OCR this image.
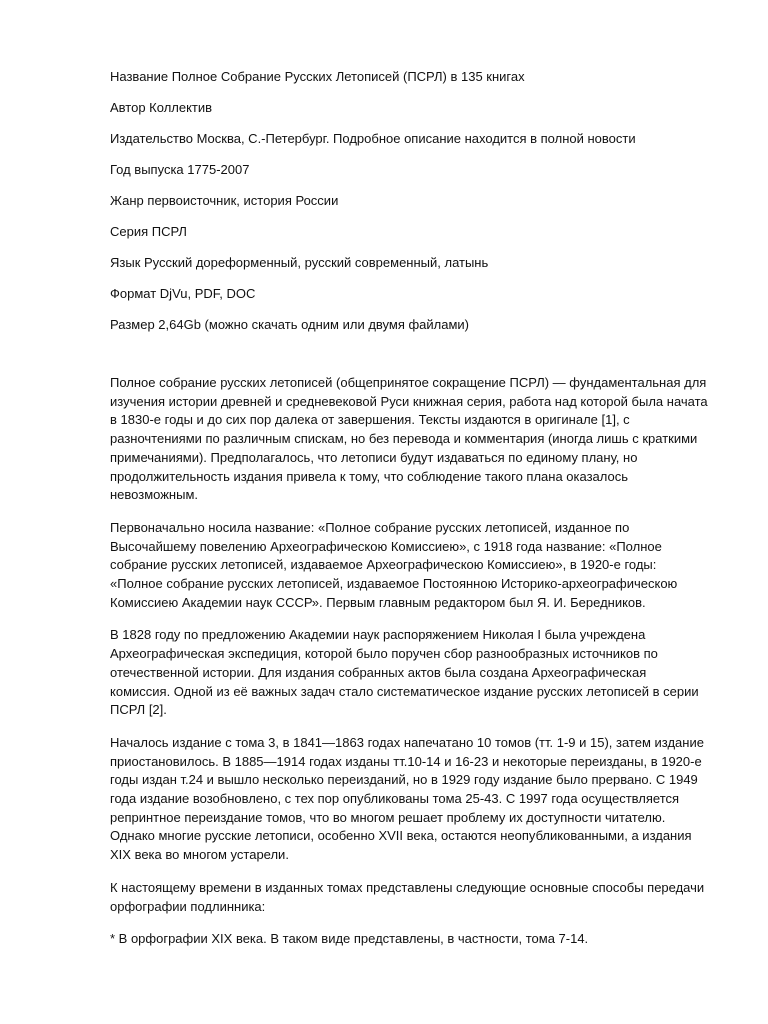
Название Полное Собрание Русских Летописей (ПСРЛ) в 135 книгах
Автор Коллектив
Издательство Москва, С.-Петербург. Подробное описание находится в полной новости
Год выпуска 1775-2007
Жанр первоисточник, история России
Серия ПСРЛ
Язык Русский дореформенный, русский современный, латынь
Формат DjVu, PDF, DOC
Размер 2,64Gb (можно скачать одним или двумя файлами)

Полное собрание русских летописей (общепринятое сокращение ПСРЛ) — фундаментальная для изучения истории древней и средневековой Руси книжная серия, работа над которой была начата в 1830-е годы и до сих пор далека от завершения. Тексты издаются в оригинале [1], с разночтениями по различным спискам, но без перевода и комментария (иногда лишь с краткими примечаниями). Предполагалось, что летописи будут издаваться по единому плану, но продолжительность издания привела к тому, что соблюдение такого плана оказалось невозможным.

Первоначально носила название: «Полное собрание русских летописей, изданное по Высочайшему повелению Археографическою Комиссиею», с 1918 года название: «Полное собрание русских летописей, издаваемое Археографическою Комиссиею», в 1920-е годы: «Полное собрание русских летописей, издаваемое Постоянною Историко-археографическою Комиссиею Академии наук СССР». Первым главным редактором был Я. И. Бередников.

В 1828 году по предложению Академии наук распоряжением Николая I была учреждена Археографическая экспедиция, которой было поручен сбор разнообразных источников по отечественной истории. Для издания собранных актов была создана Археографическая комиссия. Одной из её важных задач стало систематическое издание русских летописей в серии ПСРЛ [2].

Началось издание с тома 3, в 1841—1863 годах напечатано 10 томов (тт. 1-9 и 15), затем издание приостановилось. В 1885—1914 годах изданы тт.10-14 и 16-23 и некоторые переизданы, в 1920-е годы издан т.24 и вышло несколько переизданий, но в 1929 году издание было прервано. С 1949 года издание возобновлено, с тех пор опубликованы тома 25-43. С 1997 года осуществляется репринтное переиздание томов, что во многом решает проблему их доступности читателю. Однако многие русские летописи, особенно XVII века, остаются неопубликованными, а издания XIX века во многом устарели.

К настоящему времени в изданных томах представлены следующие основные способы передачи орфографии подлинника:

* В орфографии XIX века. В таком виде представлены, в частности, тома 7-14.
